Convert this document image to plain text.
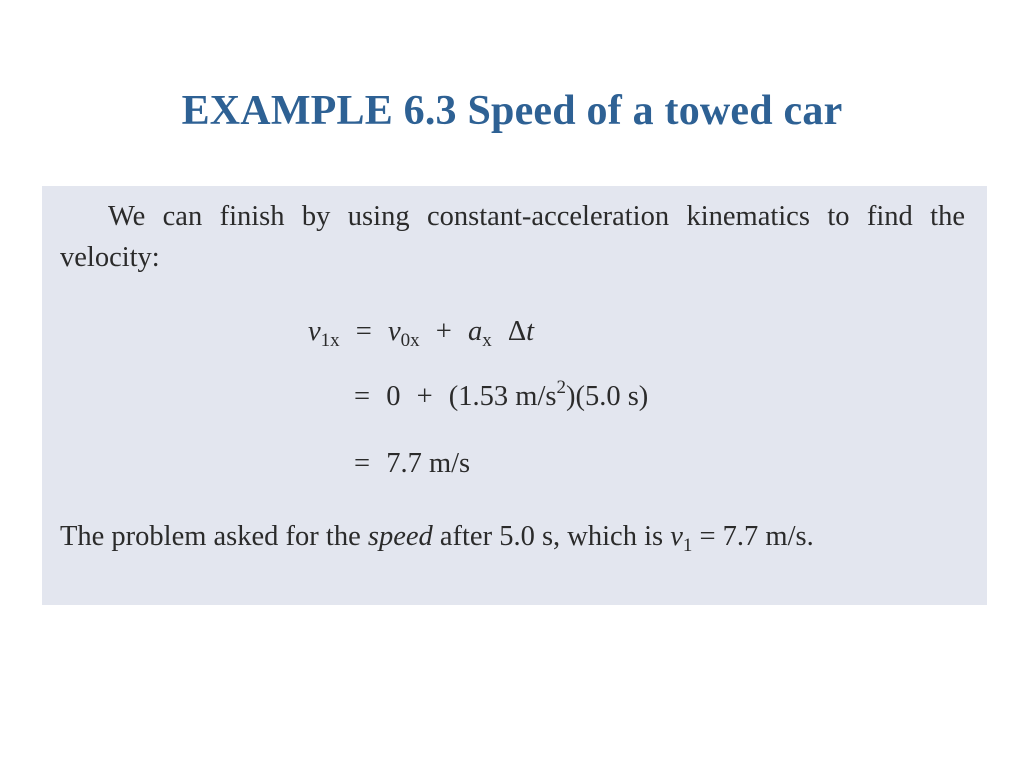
EXAMPLE 6.3 Speed of a towed car
We can finish by using constant-acceleration kinematics to find the velocity:
$v_{1x} = v_{0x} + a_x$ Δt
= 0 + (1.53 $m/s^2)(5.0$ s)
= 7.7 m/s
The problem asked for the speed after 5.0 s, which is $v_1 = 7.7$ m/s.
